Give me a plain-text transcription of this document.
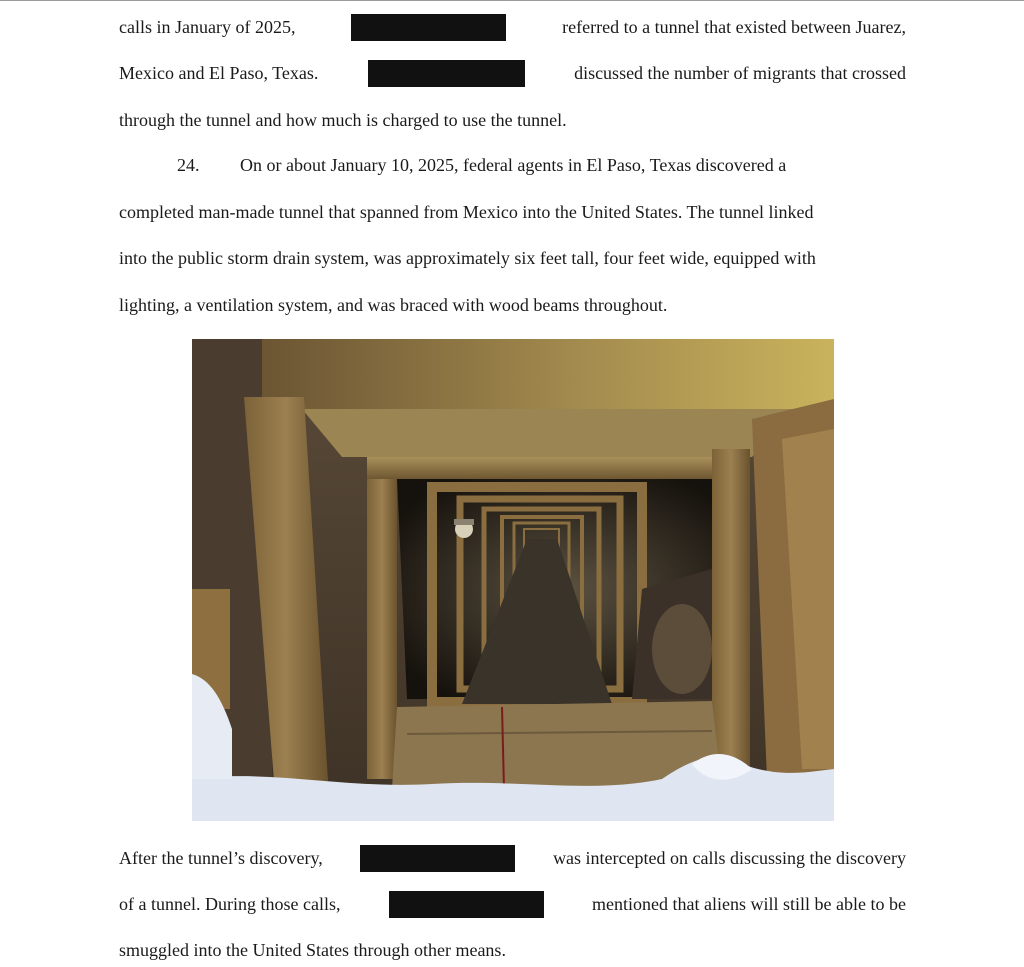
calls in January of 2025,	referred to a tunnel that existed between Juarez,
Mexico and El Paso, Texas.	discussed the number of migrants that crossed
through the tunnel and how much is charged to use the tunnel.
24. On or about January 10, 2025, federal agents in El Paso, Texas discovered a
completed man-made tunnel that spanned from Mexico into the United States. The tunnel linked
into the public storm drain system, was approximately six feet tall, four feet wide, equipped with
lighting, a ventilation system, and was braced with wood beams throughout.
After the tunnel’s discovery,	was intercepted on calls discussing the discovery
of a tunnel. During those calls,	mentioned that aliens will still be able to be
smuggled into the United States through other means.
